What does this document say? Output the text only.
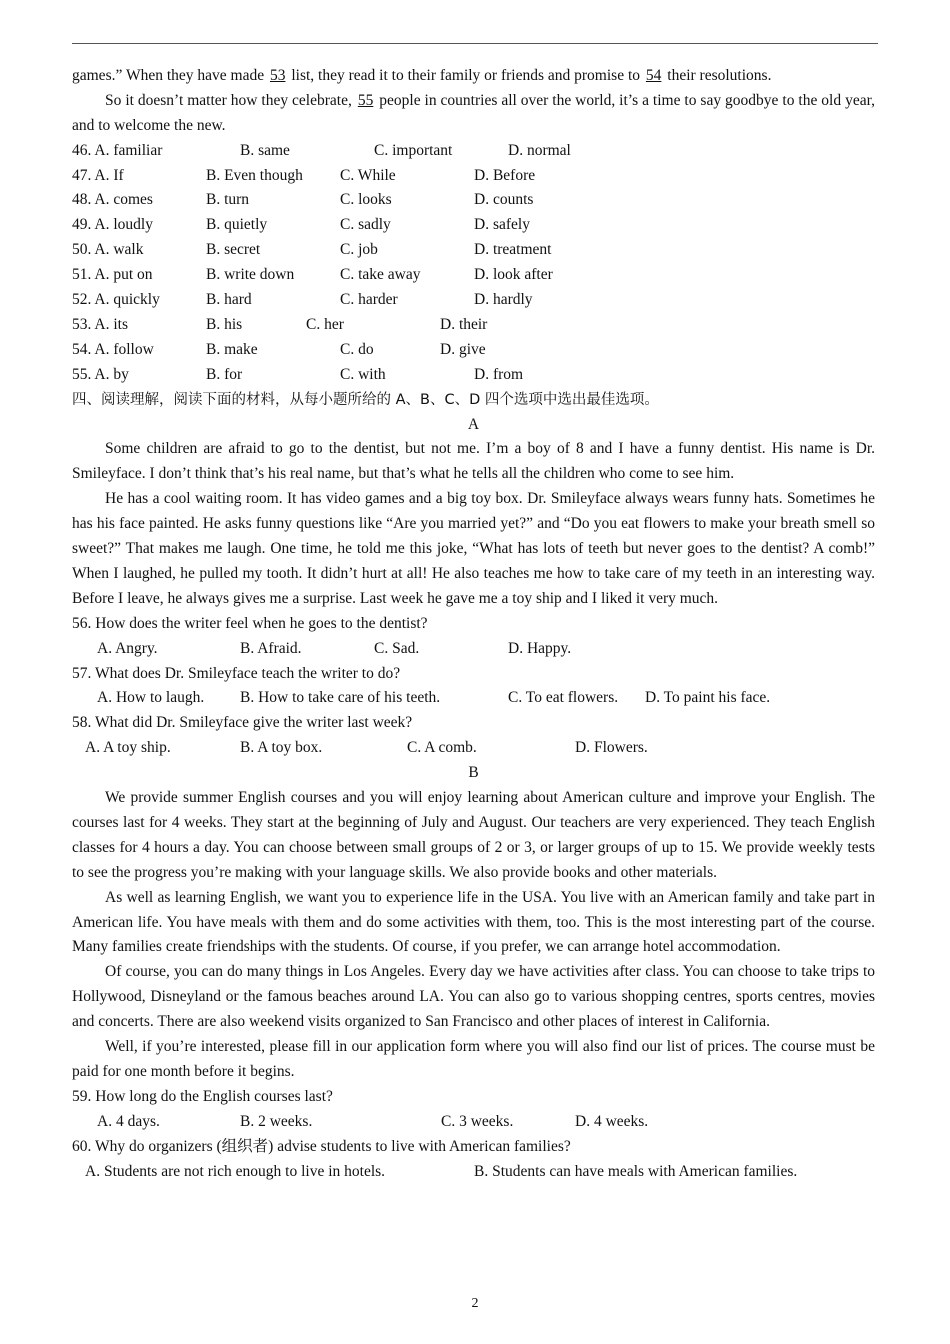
games.” When they have made 53 list, they read it to their family or friends and promise to 54 their resolutions.
So it doesn’t matter how they celebrate, 55 people in countries all over the world, it’s a time to say goodbye to the old year, and to welcome the new.
46. A. familiar	B. same	C. important	D. normal
47. A. If	B. Even though C. While	D. Before
48. A. comes	B. turn	C. looks	D. counts
49. A. loudly	B. quietly	C. sadly	D. safely
50. A. walk	B. secret	C. job	D. treatment
51. A. put on	B. write down	C. take away	D. look after
52. A. quickly	B. hard	C. harder	D. hardly
53. A. its	B. his	C. her	D. their
54. A. follow	B. make	C. do	D. give
55. A. by	B. for	C. with	D. from
四、阅读理解，阅读下面的材料，从每小题所给的 A、B、C、D 四个选项中选出最佳选项。
A
Some children are afraid to go to the dentist, but not me. I’m a boy of 8 and I have a funny dentist. His name is Dr. Smileyface. I don’t think that’s his real name, but that’s what he tells all the children who come to see him.
He has a cool waiting room. It has video games and a big toy box. Dr. Smileyface always wears funny hats. Sometimes he has his face painted. He asks funny questions like “Are you married yet?” and “Do you eat flowers to make your breath smell so sweet?” That makes me laugh. One time, he told me this joke, “What has lots of teeth but never goes to the dentist? A comb!” When I laughed, he pulled my tooth. It didn’t hurt at all! He also teaches me how to take care of my teeth in an interesting way. Before I leave, he always gives me a surprise. Last week he gave me a toy ship and I liked it very much.
56. How does the writer feel when he goes to the dentist?
A. Angry.	B. Afraid.	C. Sad.	D. Happy.
57. What does Dr. Smileyface teach the writer to do?
A. How to laugh. B. How to take care of his teeth.	C. To eat flowers. D. To paint his face.
58. What did Dr. Smileyface give the writer last week?
A. A toy ship.	B. A toy box.	C. A comb.	D. Flowers.
B
We provide summer English courses and you will enjoy learning about American culture and improve your English. The courses last for 4 weeks. They start at the beginning of July and August. Our teachers are very experienced. They teach English classes for 4 hours a day. You can choose between small groups of 2 or 3, or larger groups of up to 15. We provide weekly tests to see the progress you’re making with your language skills. We also provide books and other materials.
As well as learning English, we want you to experience life in the USA. You live with an American family and take part in American life. You have meals with them and do some activities with them, too. This is the most interesting part of the course. Many families create friendships with the students. Of course, if you prefer, we can arrange hotel accommodation.
Of course, you can do many things in Los Angeles. Every day we have activities after class. You can choose to take trips to Hollywood, Disneyland or the famous beaches around LA. You can also go to various shopping centres, sports centres, movies and concerts. There are also weekend visits organized to San Francisco and other places of interest in California.
Well, if you’re interested, please fill in our application form where you will also find our list of prices. The course must be paid for one month before it begins.
59. How long do the English courses last?
A. 4 days.	B. 2 weeks.	C. 3 weeks.	D. 4 weeks.
60. Why do organizers (组织者) advise students to live with American families?
A. Students are not rich enough to live in hotels.	B. Students can have meals with American families.
2
